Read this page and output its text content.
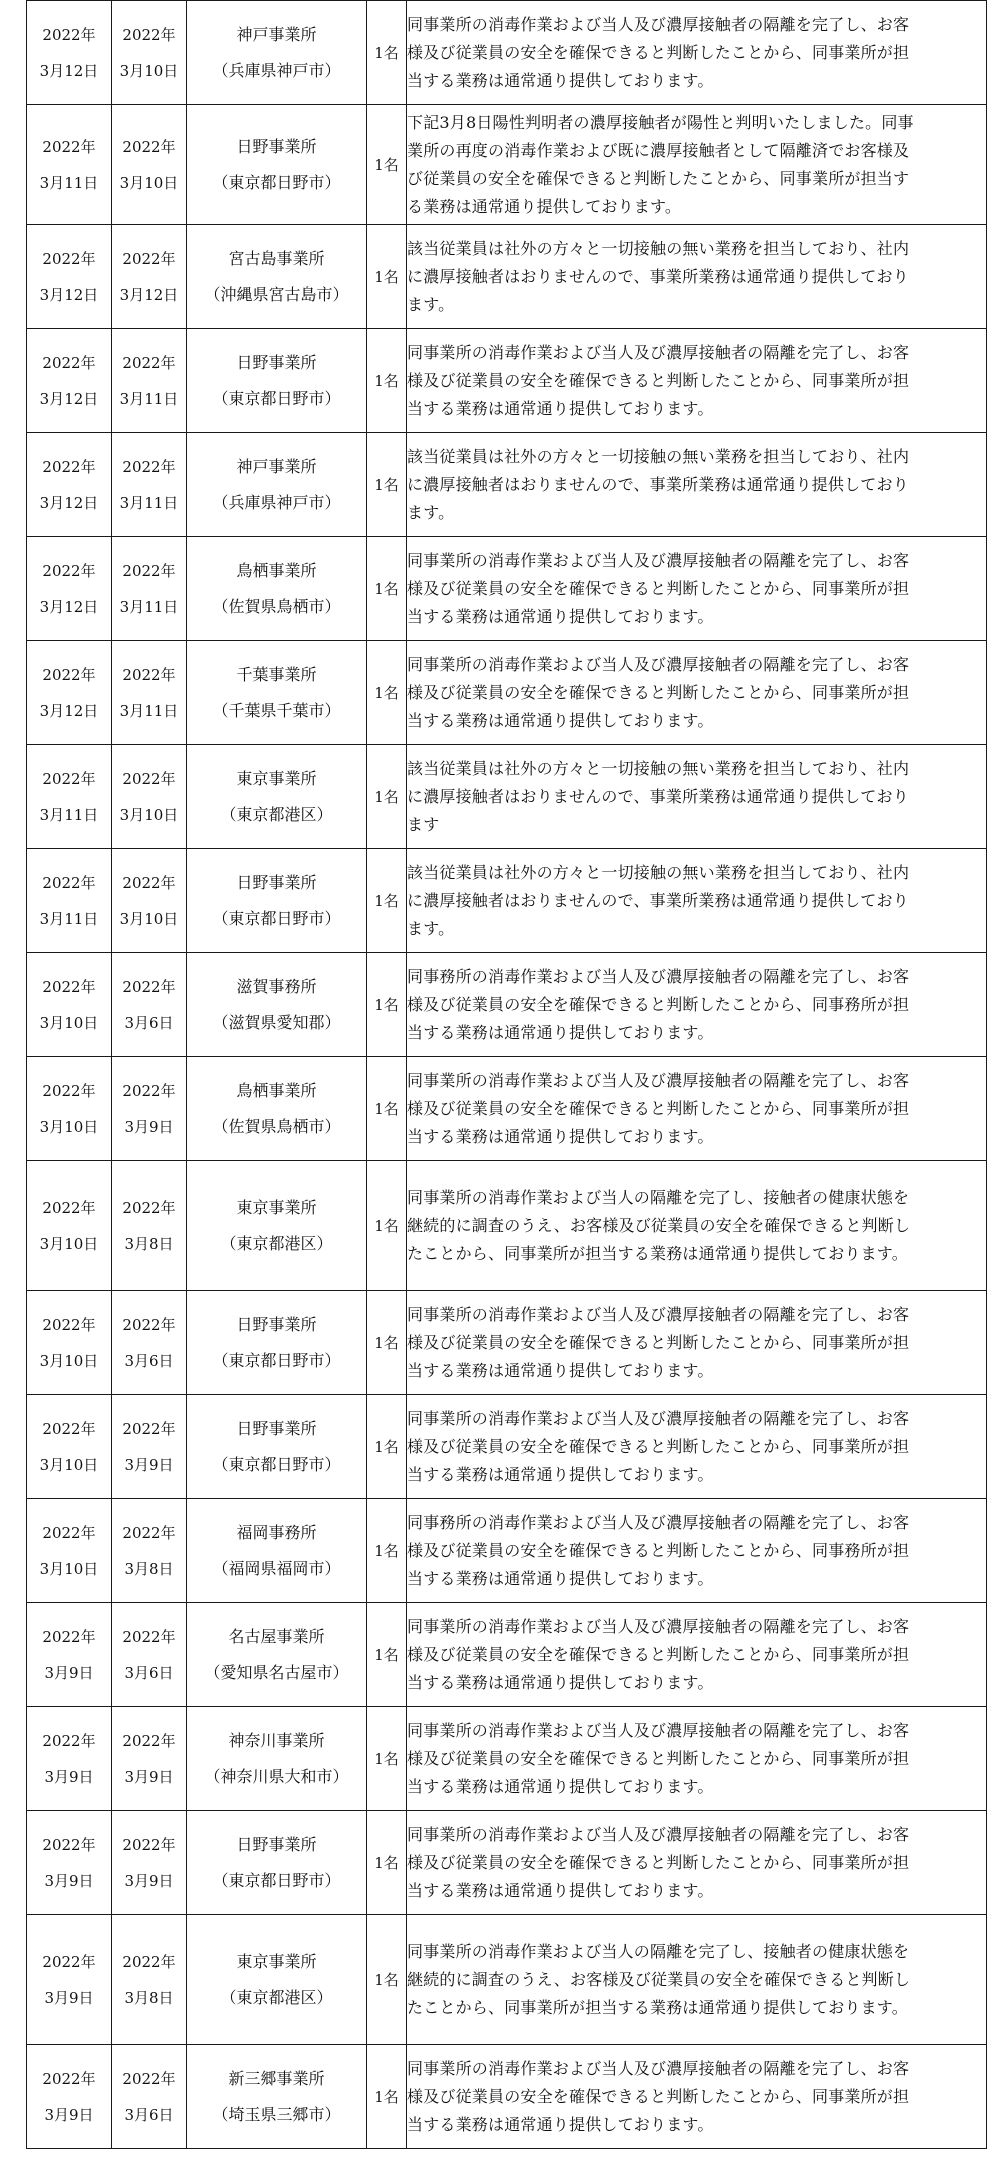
2022年
3月12日	2022年
3月10日	神戸事業所
（兵庫県神戸市）	1名	同事業所の消毒作業および当人及び濃厚接触者の隔離を完了し、お客
様及び従業員の安全を確保できると判断したことから、同事業所が担
当する業務は通常通り提供しております。

2022年
3月11日	2022年
3月10日	日野事業所
（東京都日野市）	1名	下記3月8日陽性判明者の濃厚接触者が陽性と判明いたしました。同事
業所の再度の消毒作業および既に濃厚接触者として隔離済でお客様及
び従業員の安全を確保できると判断したことから、同事業所が担当す
る業務は通常通り提供しております。

2022年
3月12日	2022年
3月12日	宮古島事業所
（沖縄県宮古島市）	1名	該当従業員は社外の方々と一切接触の無い業務を担当しており、社内
に濃厚接触者はおりませんので、事業所業務は通常通り提供しており
ます。

2022年
3月12日	2022年
3月11日	日野事業所
（東京都日野市）	1名	同事業所の消毒作業および当人及び濃厚接触者の隔離を完了し、お客
様及び従業員の安全を確保できると判断したことから、同事業所が担
当する業務は通常通り提供しております。

2022年
3月12日	2022年
3月11日	神戸事業所
（兵庫県神戸市）	1名	該当従業員は社外の方々と一切接触の無い業務を担当しており、社内
に濃厚接触者はおりませんので、事業所業務は通常通り提供しており
ます。

2022年
3月12日	2022年
3月11日	鳥栖事業所
（佐賀県鳥栖市）	1名	同事業所の消毒作業および当人及び濃厚接触者の隔離を完了し、お客
様及び従業員の安全を確保できると判断したことから、同事業所が担
当する業務は通常通り提供しております。

2022年
3月12日	2022年
3月11日	千葉事業所
（千葉県千葉市）	1名	同事業所の消毒作業および当人及び濃厚接触者の隔離を完了し、お客
様及び従業員の安全を確保できると判断したことから、同事業所が担
当する業務は通常通り提供しております。

2022年
3月11日	2022年
3月10日	東京事業所
（東京都港区）	1名	該当従業員は社外の方々と一切接触の無い業務を担当しており、社内
に濃厚接触者はおりませんので、事業所業務は通常通り提供しており
ます

2022年
3月11日	2022年
3月10日	日野事業所
（東京都日野市）	1名	該当従業員は社外の方々と一切接触の無い業務を担当しており、社内
に濃厚接触者はおりませんので、事業所業務は通常通り提供しており
ます。

2022年
3月10日	2022年
3月6日	滋賀事務所
（滋賀県愛知郡）	1名	同事務所の消毒作業および当人及び濃厚接触者の隔離を完了し、お客
様及び従業員の安全を確保できると判断したことから、同事務所が担
当する業務は通常通り提供しております。

2022年
3月10日	2022年
3月9日	鳥栖事業所
（佐賀県鳥栖市）	1名	同事業所の消毒作業および当人及び濃厚接触者の隔離を完了し、お客
様及び従業員の安全を確保できると判断したことから、同事業所が担
当する業務は通常通り提供しております。

2022年
3月10日	2022年
3月8日	東京事業所
（東京都港区）	1名	同事業所の消毒作業および当人の隔離を完了し、接触者の健康状態を
継続的に調査のうえ、お客様及び従業員の安全を確保できると判断し
たことから、同事業所が担当する業務は通常通り提供しております。

2022年
3月10日	2022年
3月6日	日野事業所
（東京都日野市）	1名	同事業所の消毒作業および当人及び濃厚接触者の隔離を完了し、お客
様及び従業員の安全を確保できると判断したことから、同事業所が担
当する業務は通常通り提供しております。

2022年
3月10日	2022年
3月9日	日野事業所
（東京都日野市）	1名	同事業所の消毒作業および当人及び濃厚接触者の隔離を完了し、お客
様及び従業員の安全を確保できると判断したことから、同事業所が担
当する業務は通常通り提供しております。

2022年
3月10日	2022年
3月8日	福岡事務所
（福岡県福岡市）	1名	同事務所の消毒作業および当人及び濃厚接触者の隔離を完了し、お客
様及び従業員の安全を確保できると判断したことから、同事務所が担
当する業務は通常通り提供しております。

2022年
3月9日	2022年
3月6日	名古屋事業所
（愛知県名古屋市）	1名	同事業所の消毒作業および当人及び濃厚接触者の隔離を完了し、お客
様及び従業員の安全を確保できると判断したことから、同事業所が担
当する業務は通常通り提供しております。

2022年
3月9日	2022年
3月9日	神奈川事業所
（神奈川県大和市）	1名	同事業所の消毒作業および当人及び濃厚接触者の隔離を完了し、お客
様及び従業員の安全を確保できると判断したことから、同事業所が担
当する業務は通常通り提供しております。

2022年
3月9日	2022年
3月9日	日野事業所
（東京都日野市）	1名	同事業所の消毒作業および当人及び濃厚接触者の隔離を完了し、お客
様及び従業員の安全を確保できると判断したことから、同事業所が担
当する業務は通常通り提供しております。

2022年
3月9日	2022年
3月8日	東京事業所
（東京都港区）	1名	同事業所の消毒作業および当人の隔離を完了し、接触者の健康状態を
継続的に調査のうえ、お客様及び従業員の安全を確保できると判断し
たことから、同事業所が担当する業務は通常通り提供しております。

2022年
3月9日	2022年
3月6日	新三郷事業所
（埼玉県三郷市）	1名	同事業所の消毒作業および当人及び濃厚接触者の隔離を完了し、お客
様及び従業員の安全を確保できると判断したことから、同事業所が担
当する業務は通常通り提供しております。
